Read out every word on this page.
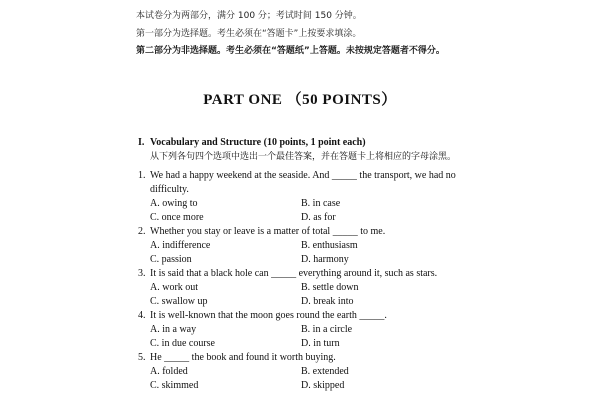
本试卷分为两部分，满分 100 分；考试时间 150 分钟。
第一部分为选择题。考生必须在“答题卡”上按要求填涂。
第二部分为非选择题。考生必须在“答题纸”上答题。未按规定答题者不得分。
PART ONE （50 POINTS）
I. Vocabulary and Structure (10 points, 1 point each)
从下列各句四个选项中选出一个最佳答案，并在答题卡上将相应的字母涂黑。
1. We had a happy weekend at the seaside. And _____ the transport, we had no
difficulty.
A. owing to	B. in case
C. once more	D. as for
2. Whether you stay or leave is a matter of total _____ to me.
A. indifference	B. enthusiasm
C. passion	D. harmony
3. It is said that a black hole can _____ everything around it, such as stars.
A. work out	B. settle down
C. swallow up	D. break into
4. It is well-known that the moon goes round the earth _____.
A. in a way	B. in a circle
C. in due course	D. in turn
5. He _____ the book and found it worth buying.
A. folded	B. extended
C. skimmed	D. skipped
